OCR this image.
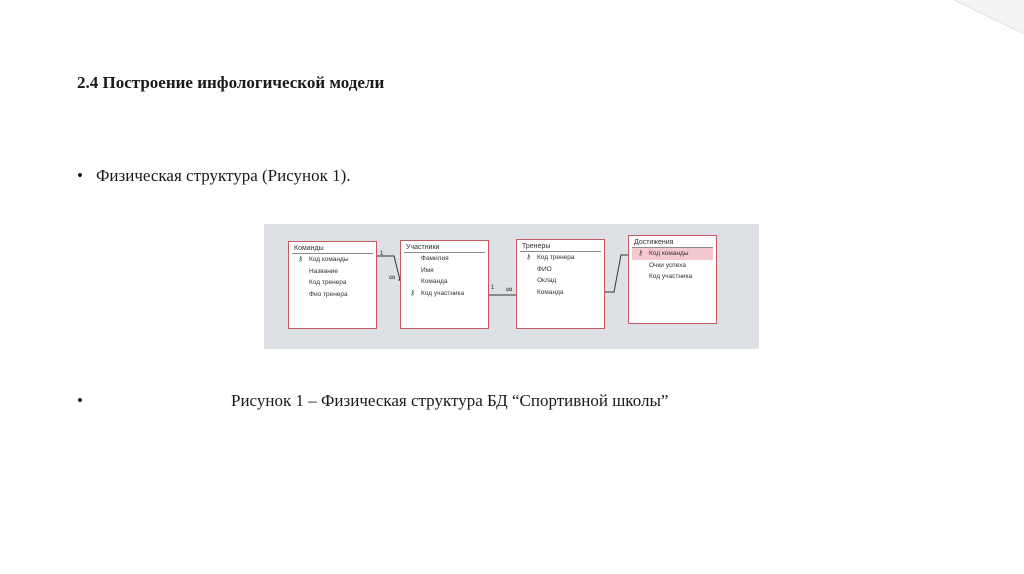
2.4 Построение инфологической модели
• Физическая структура (Рисунок 1).
1
∞
1 ∞
Команды
⚷ Код команды
Название
Код тренера
Фио тренера
Участники
Фамилия
Имя
Команда
⚷ Код участника
Тренеры
⚷ Код тренера
ФИО
Оклад
Команда
Достижения
⚷ Код команды
Очки успеха
Код участника
•	Рисунок 1 – Физическая структура БД “Спортивной школы”
